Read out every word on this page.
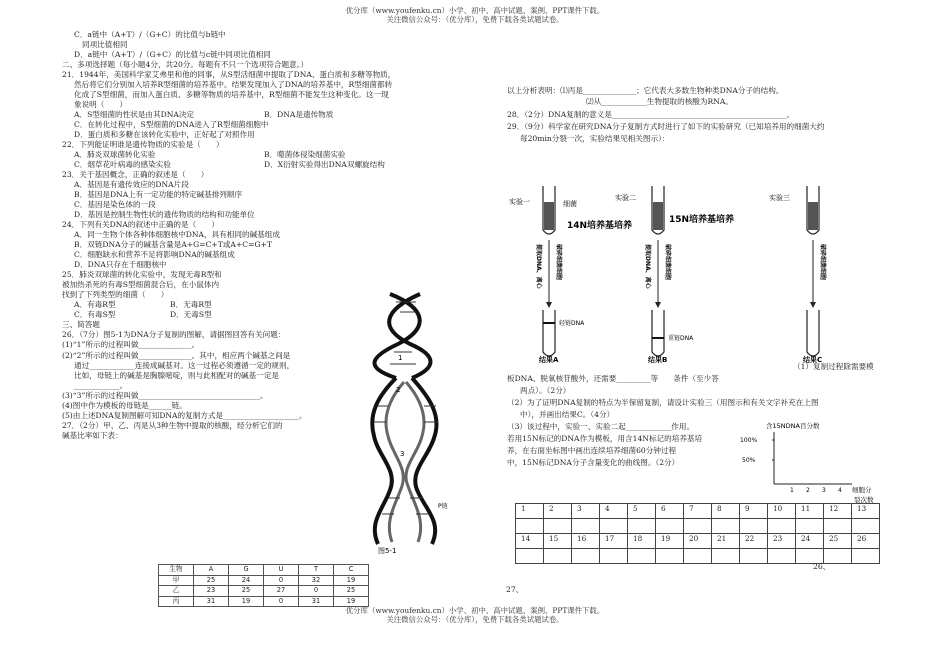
优分库（www.youfenku.cn）小学、初中、高中试题、案例、PPT课件下载。
关注微信公众号：（优分库），免费下载各类试题试卷。
C．a链中（A+T）/（G+C）的比值与b链中
同项比值相同
D．a链中（A+T）/（G+C）的比值与c链中同项比值相同
二、多项选择题（每小题4分，共20分。每题有不只一个选项符合题意。）
21．1944年，美国科学家艾弗里和他的同事，从S型活细菌中提取了DNA、蛋白质和多糖等物质，
然后将它们分别加入培养R型细菌的培养基中。结果发现加入了DNA的培养基中，R型细菌都转
化成了S型细菌，而加入蛋白质、多糖等物质的培养基中，R型细菌不能发生这种变化。这一现
象说明（　　）
A．S型细菌的性状是由其DNA决定	B．DNA是遗传物质
C．在转化过程中，S型细菌的DNA进入了R型细菌细胞中
D．蛋白质和多糖在该转化实验中，正好起了对照作用
22．下列能证明谁是遗传物质的实验是（　　）
A．肺炎双球菌转化实验	B．噬菌体侵染细菌实验
C．烟草花叶病毒的感染实验	D．X衍射实验得出DNA双螺旋结构
23．关于基因概念，正确的叙述是（　　）
A．基因是有遗传效应的DNA片段
B．基因是DNA上有一定功能的特定碱基排列顺序
C．基因是染色体的一段
D．基因是控制生物性状的遗传物质的结构和功能单位
24．下列有关DNA的叙述中正确的是（　　）
A．同一生物个体各种体细胞核中DNA，具有相同的碱基组成
B．双链DNA分子的碱基含量是A+G=C+T或A+C=G+T
C．细胞缺水和营养不足将影响DNA的碱基组成
D．DNA只存在于细胞核中
25．肺炎双球菌的转化实验中，发现无毒R型和
被加热杀死的有毒S型细菌混合后，在小鼠体内
找到了下列类型的细菌（　　）
A．有毒R型	B．无毒R型
C．有毒S型	D．无毒S型
三、简答题
26．（7分）图5-1为DNA分子复制的图解，请据图回答有关问题：
(1)“1”所示的过程叫做______________。
(2)“2”所示的过程叫做______________。其中，相应两个碱基之间是
通过____________连接成碱基对。这一过程必须遵循一定的规则，
比如，母链上的碱基是胸腺嘧啶，则与此相配对的碱基一定是
____________。
(3)“3”所示的过程叫做________________________________。
(4)图中作为模板的母链是______链。
(5)由上述DNA复制图解可知DNA的复制方式是____________________。
27．（2分）甲、乙、丙是从3种生物中提取的核酸，经分析它们的
碱基比率如下表：
1
2
3
P链
图5-1
生物	A	G	U	T	C
甲	25	24	0	32	19
乙	23	25	27	0	25
丙	31	19	0	31	19
以上分析表明：⑴丙是______________；它代表大多数生物种类DNA分子的结构。
⑵从____________生物提取的核酸为RNA。
28．（2分）DNA复制的意义是______________________________________________。
29．（9分）科学家在研究DNA分子复制方式时进行了如下的实验研究（已知培养用的细菌大约
每20min分裂一次，实验结果见相关图示）：
实验一	实验二	实验三
细菌
14N培养基培养
提取DNA、离心 破碎细菌细胞
轻链DNA
结果A
15N培养基培养
提取DNA、离心 破碎细菌细胞
重链DNA
结果B
破碎细菌细胞
结果C
（1）复制过程除需要模
板DNA、脱氧核苷酸外，还需要_________等　　条件（至少答
两点）。（2分）
（2）为了证明DNA复制的特点为半保留复制，请设计实验三（用图示和有关文字补充在上图
中），并画出结果C。（4分）
（3）该过程中，实验一、实验二起____________作用。
若用15N标记的DNA作为模板，用含14N标记的培养基培
养，在右面坐标图中画出连续培养细菌60分钟过程
中，15N标记DNA分子含量变化的曲线图。（2分）
含15NDNA百分数
100%
50%
1 2 3 4 细胞分
裂次数
1	2	3	4	5	6	7	8	9	10	11	12	13

14	15	16	17	18	19	20	21	22	23	24	25	26

26、
27、
优分库（www.youfenku.cn）小学、初中、高中试题、案例、PPT课件下载。
关注微信公众号：（优分库），免费下载各类试题试卷。
